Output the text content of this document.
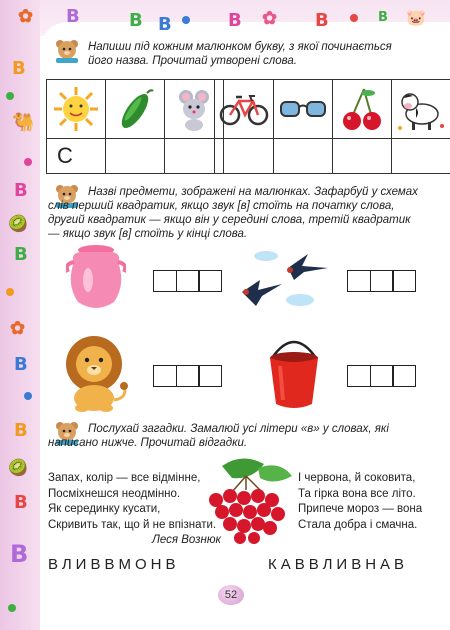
✿ В	В В	В ✿ В	В 🐷
В
🐫
В
🥝
В
✿
В
В
🥝
В
В
Напиши під кожним малюнком букву, з якої починається його назва. Прочитай утворені слова.

С		

Назві предмети, зображені на малюнках. Зафарбуй у схемах слів перший квадратик, якщо звук [в] стоїть на початку слова, другий квадратик — якщо він у середині слова, третій квадратик — якщо звук [в] стоїть у кінці слова.
Послухай загадки. Замалюй усі літери «в» у словах, які написано нижче. Прочитай відгадки.
Запах, колір — все відмінне,
Посміхнешся неодмінно.
Як серединку кусати,
Скривить так, що й не впізнати.
Леся Вознюк
І червона, й соковита,
Та гірка вона все літо.
Припече мороз — вона
Стала добра і смачна.
ВЛИВВМОНВ	КАВВЛИВНАВ
52
